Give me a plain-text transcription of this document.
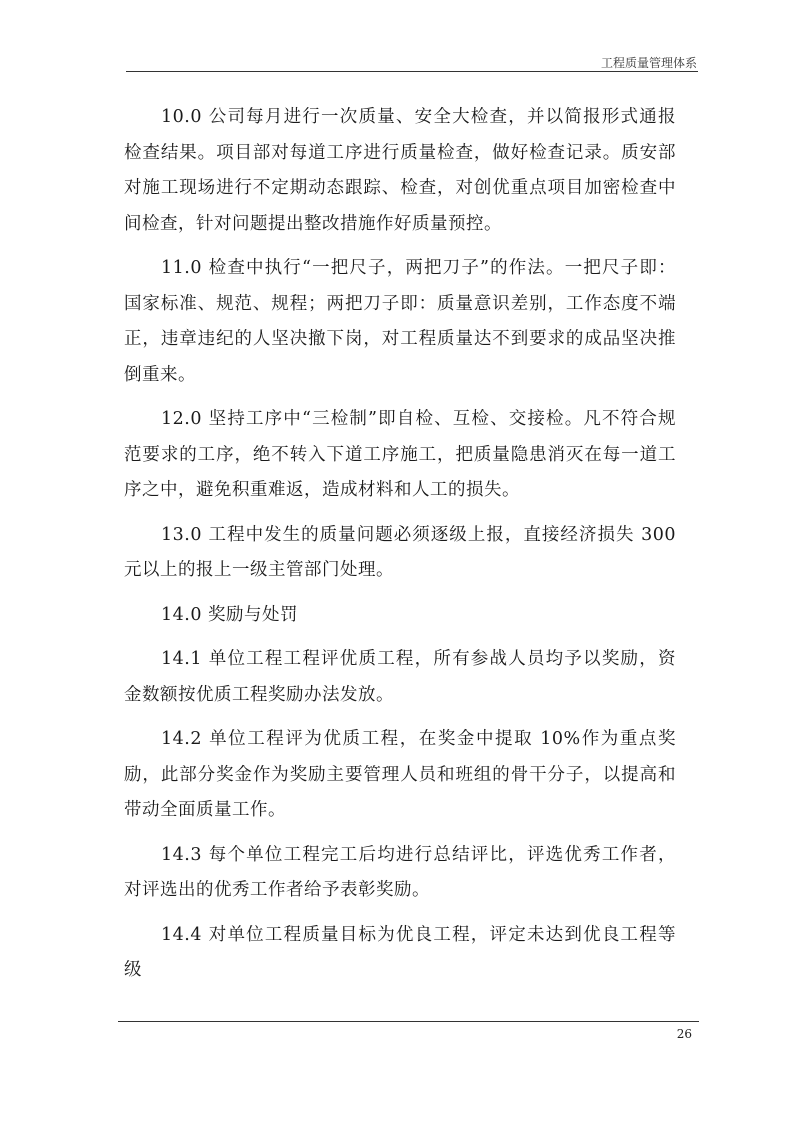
工程质量管理体系

10.0 公司每月进行一次质量、安全大检查，并以简报形式通报检查结果。项目部对每道工序进行质量检查，做好检查记录。质安部对施工现场进行不定期动态跟踪、检查，对创优重点项目加密检查中间检查，针对问题提出整改措施作好质量预控。

11.0 检查中执行“一把尺子，两把刀子”的作法。一把尺子即：国家标准、规范、规程；两把刀子即：质量意识差别，工作态度不端正，违章违纪的人坚决撤下岗，对工程质量达不到要求的成品坚决推倒重来。

12.0 坚持工序中“三检制”即自检、互检、交接检。凡不符合规范要求的工序，绝不转入下道工序施工，把质量隐患消灭在每一道工序之中，避免积重难返，造成材料和人工的损失。

13.0 工程中发生的质量问题必须逐级上报，直接经济损失 300 元以上的报上一级主管部门处理。

14.0 奖励与处罚

14.1 单位工程工程评优质工程，所有参战人员均予以奖励，资金数额按优质工程奖励办法发放。

14.2 单位工程评为优质工程，在奖金中提取 10%作为重点奖励，此部分奖金作为奖励主要管理人员和班组的骨干分子，以提高和带动全面质量工作。

14.3 每个单位工程完工后均进行总结评比，评选优秀工作者，对评选出的优秀工作者给予表彰奖励。

14.4 对单位工程质量目标为优良工程，评定未达到优良工程等级

26
